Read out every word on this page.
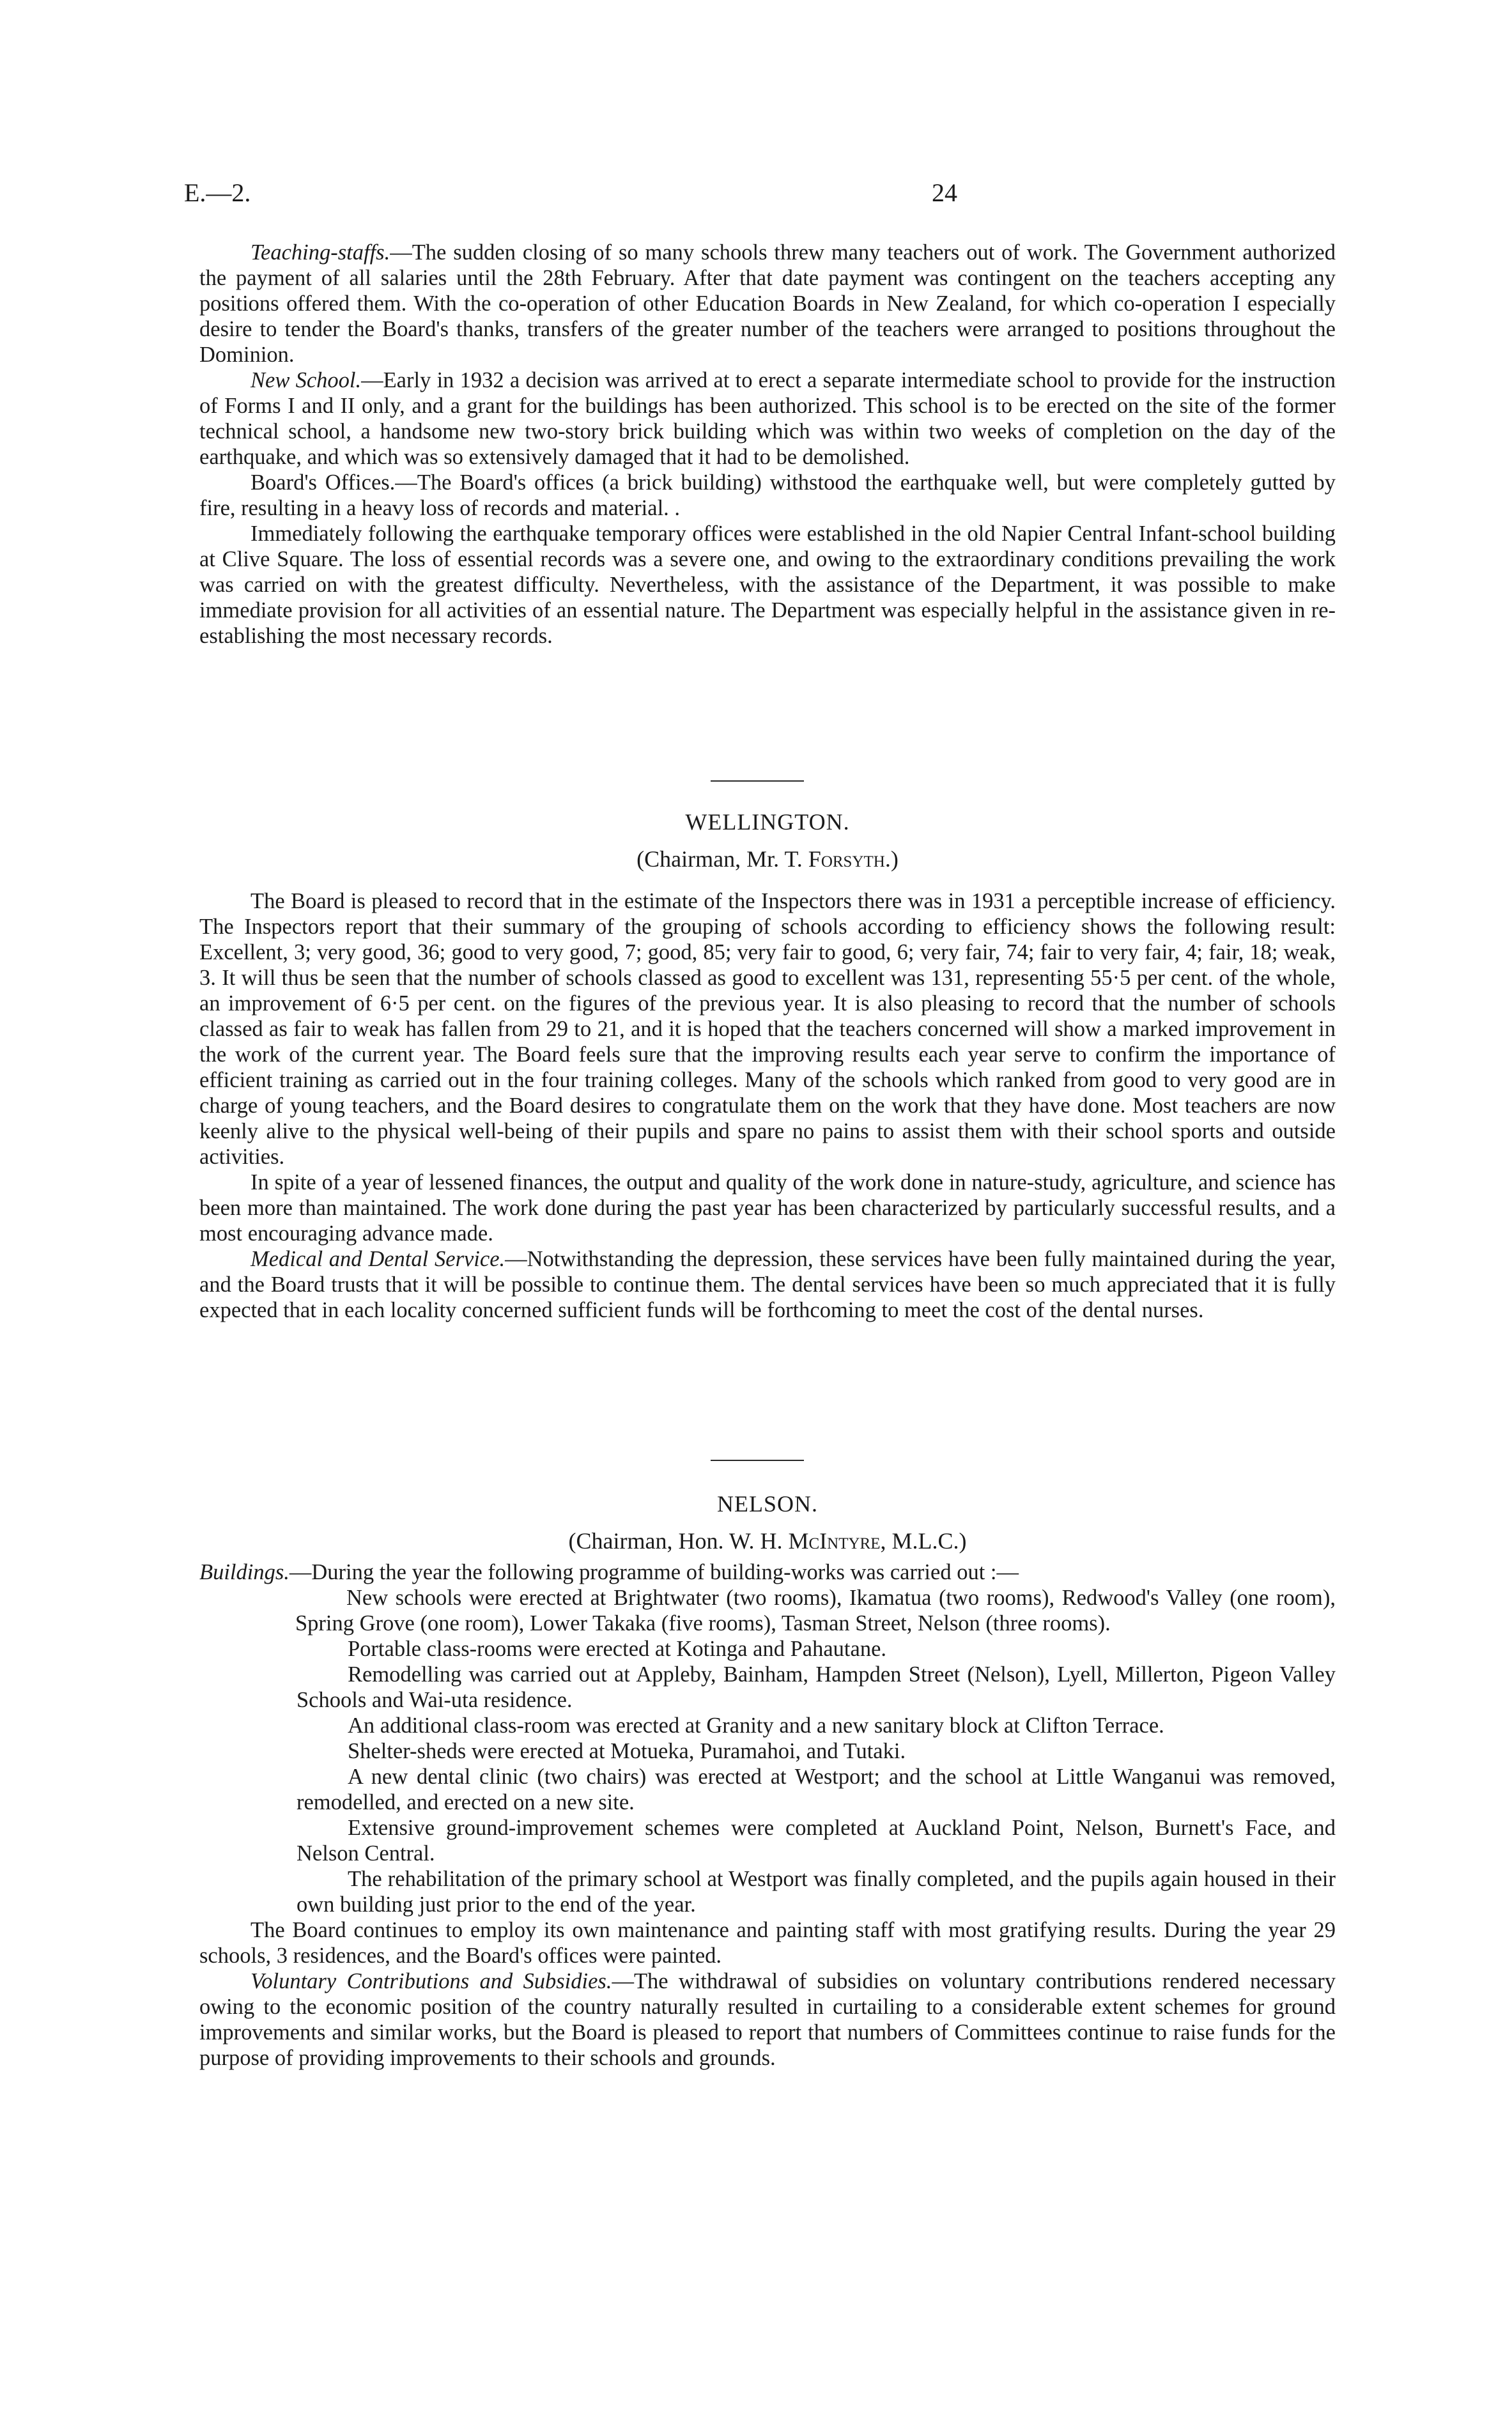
E.—2.	24

Teaching-staffs.—The sudden closing of so many schools threw many teachers out of work. The Government authorized the payment of all salaries until the 28th February. After that date payment was contingent on the teachers accepting any positions offered them. With the co-operation of other Education Boards in New Zealand, for which co-operation I especially desire to tender the Board's thanks, transfers of the greater number of the teachers were arranged to positions throughout the Dominion.

New School.—Early in 1932 a decision was arrived at to erect a separate intermediate school to provide for the instruction of Forms I and II only, and a grant for the buildings has been authorized. This school is to be erected on the site of the former technical school, a handsome new two-story brick building which was within two weeks of completion on the day of the earthquake, and which was so extensively damaged that it had to be demolished.

Board's Offices.—The Board's offices (a brick building) withstood the earthquake well, but were completely gutted by fire, resulting in a heavy loss of records and material. .

Immediately following the earthquake temporary offices were established in the old Napier Central Infant-school building at Clive Square. The loss of essential records was a severe one, and owing to the extraordinary conditions prevailing the work was carried on with the greatest difficulty. Nevertheless, with the assistance of the Department, it was possible to make immediate provision for all activities of an essential nature. The Department was especially helpful in the assistance given in re-establishing the most necessary records.

WELLINGTON.
(Chairman, Mr. T. Forsyth.)

The Board is pleased to record that in the estimate of the Inspectors there was in 1931 a perceptible increase of efficiency. The Inspectors report that their summary of the grouping of schools according to efficiency shows the following result: Excellent, 3; very good, 36; good to very good, 7; good, 85; very fair to good, 6; very fair, 74; fair to very fair, 4; fair, 18; weak, 3. It will thus be seen that the number of schools classed as good to excellent was 131, representing 55·5 per cent. of the whole, an improvement of 6·5 per cent. on the figures of the previous year. It is also pleasing to record that the number of schools classed as fair to weak has fallen from 29 to 21, and it is hoped that the teachers concerned will show a marked improvement in the work of the current year. The Board feels sure that the improving results each year serve to confirm the importance of efficient training as carried out in the four training colleges. Many of the schools which ranked from good to very good are in charge of young teachers, and the Board desires to congratulate them on the work that they have done. Most teachers are now keenly alive to the physical well-being of their pupils and spare no pains to assist them with their school sports and outside activities.

In spite of a year of lessened finances, the output and quality of the work done in nature-study, agriculture, and science has been more than maintained. The work done during the past year has been characterized by particularly successful results, and a most encouraging advance made.

Medical and Dental Service.—Notwithstanding the depression, these services have been fully maintained during the year, and the Board trusts that it will be possible to continue them. The dental services have been so much appreciated that it is fully expected that in each locality concerned sufficient funds will be forthcoming to meet the cost of the dental nurses.

NELSON.
(Chairman, Hon. W. H. McIntyre, M.L.C.)

Buildings.—During the year the following programme of building-works was carried out :—

New schools were erected at Brightwater (two rooms), Ikamatua (two rooms), Redwood's Valley (one room), Spring Grove (one room), Lower Takaka (five rooms), Tasman Street, Nelson (three rooms).

Portable class-rooms were erected at Kotinga and Pahautane.

Remodelling was carried out at Appleby, Bainham, Hampden Street (Nelson), Lyell, Millerton, Pigeon Valley Schools and Wai-uta residence.

An additional class-room was erected at Granity and a new sanitary block at Clifton Terrace.

Shelter-sheds were erected at Motueka, Puramahoi, and Tutaki.

A new dental clinic (two chairs) was erected at Westport; and the school at Little Wanganui was removed, remodelled, and erected on a new site.

Extensive ground-improvement schemes were completed at Auckland Point, Nelson, Burnett's Face, and Nelson Central.

The rehabilitation of the primary school at Westport was finally completed, and the pupils again housed in their own building just prior to the end of the year.

The Board continues to employ its own maintenance and painting staff with most gratifying results. During the year 29 schools, 3 residences, and the Board's offices were painted.

Voluntary Contributions and Subsidies.—The withdrawal of subsidies on voluntary contributions rendered necessary owing to the economic position of the country naturally resulted in curtailing to a considerable extent schemes for ground improvements and similar works, but the Board is pleased to report that numbers of Committees continue to raise funds for the purpose of providing improvements to their schools and grounds.
